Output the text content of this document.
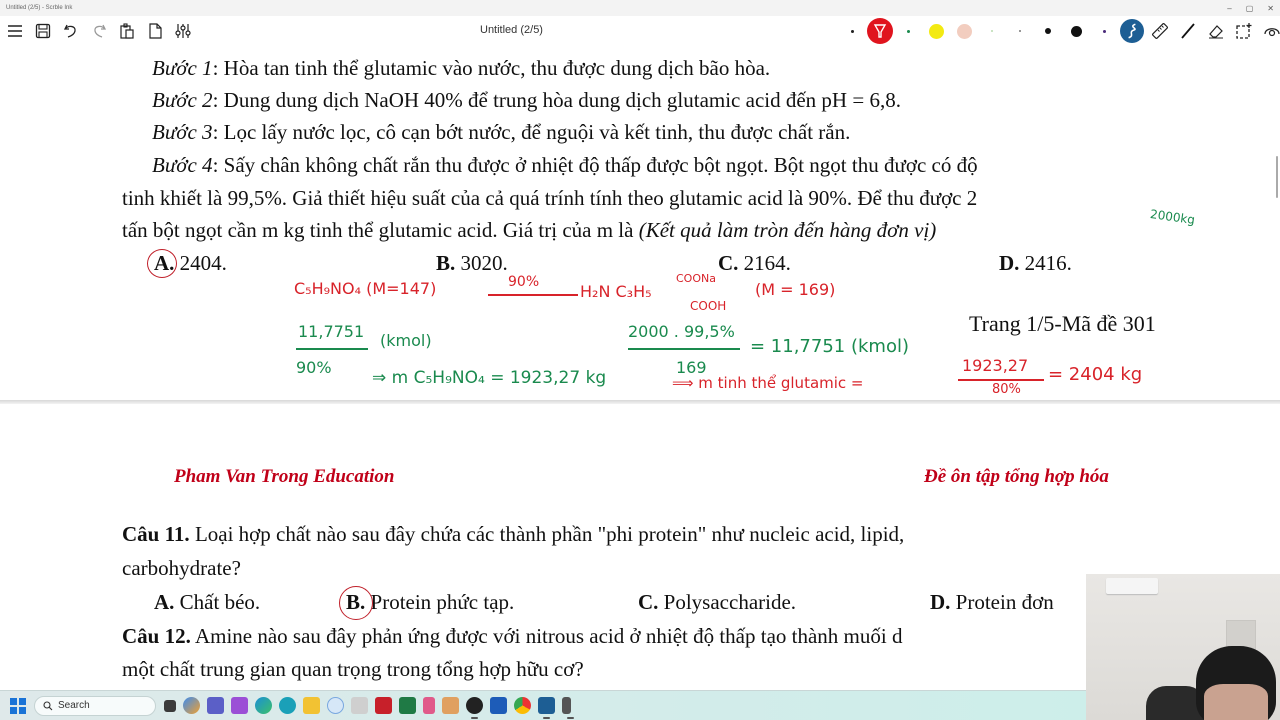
Untitled (2/5) - Scrble Ink	– ▢ ✕
Untitled (2/5)
Bước 1: Hòa tan tinh thể glutamic vào nước, thu được dung dịch bão hòa.
Bước 2: Dung dung dịch NaOH 40% để trung hòa dung dịch glutamic acid đến pH = 6,8.
Bước 3: Lọc lấy nước lọc, cô cạn bớt nước, để nguội và kết tinh, thu được chất rắn.
Bước 4: Sấy chân không chất rắn thu được ở nhiệt độ thấp được bột ngọt. Bột ngọt thu được có độ
tinh khiết là 99,5%. Giả thiết hiệu suất của cả quá trính tính theo glutamic acid là 90%. Để thu được 2
tấn bột ngọt cần m kg tinh thể glutamic acid. Giá trị của m là (Kết quả làm tròn đến hàng đơn vị)
A. 2404.	B. 3020.	C. 2164.	D. 2416.
Trang 1/5-Mã đề 301
2000kg
C₅H₉NO₄ (M=147)	90%	H₂N C₃H₅
COONa
COOH
(M = 169)
11,7751 (kmol)
90%
⇒ m C₅H₉NO₄ = 1923,27 kg
2000 . 99,5%
169
= 11,7751 (kmol)
⟹ m tinh thể glutamic =
1923,27
80%
= 2404 kg
Pham Van Trong Education	Đề ôn tập tổng hợp hóa
Câu 11. Loại hợp chất nào sau đây chứa các thành phần "phi protein" như nucleic acid, lipid,
carbohydrate?
A. Chất béo.	B. Protein phức tạp.	C. Polysaccharide.	D. Protein đơn
Câu 12. Amine nào sau đây phản ứng được với nitrous acid ở nhiệt độ thấp tạo thành muối d
một chất trung gian quan trọng trong tổng hợp hữu cơ?
Search
